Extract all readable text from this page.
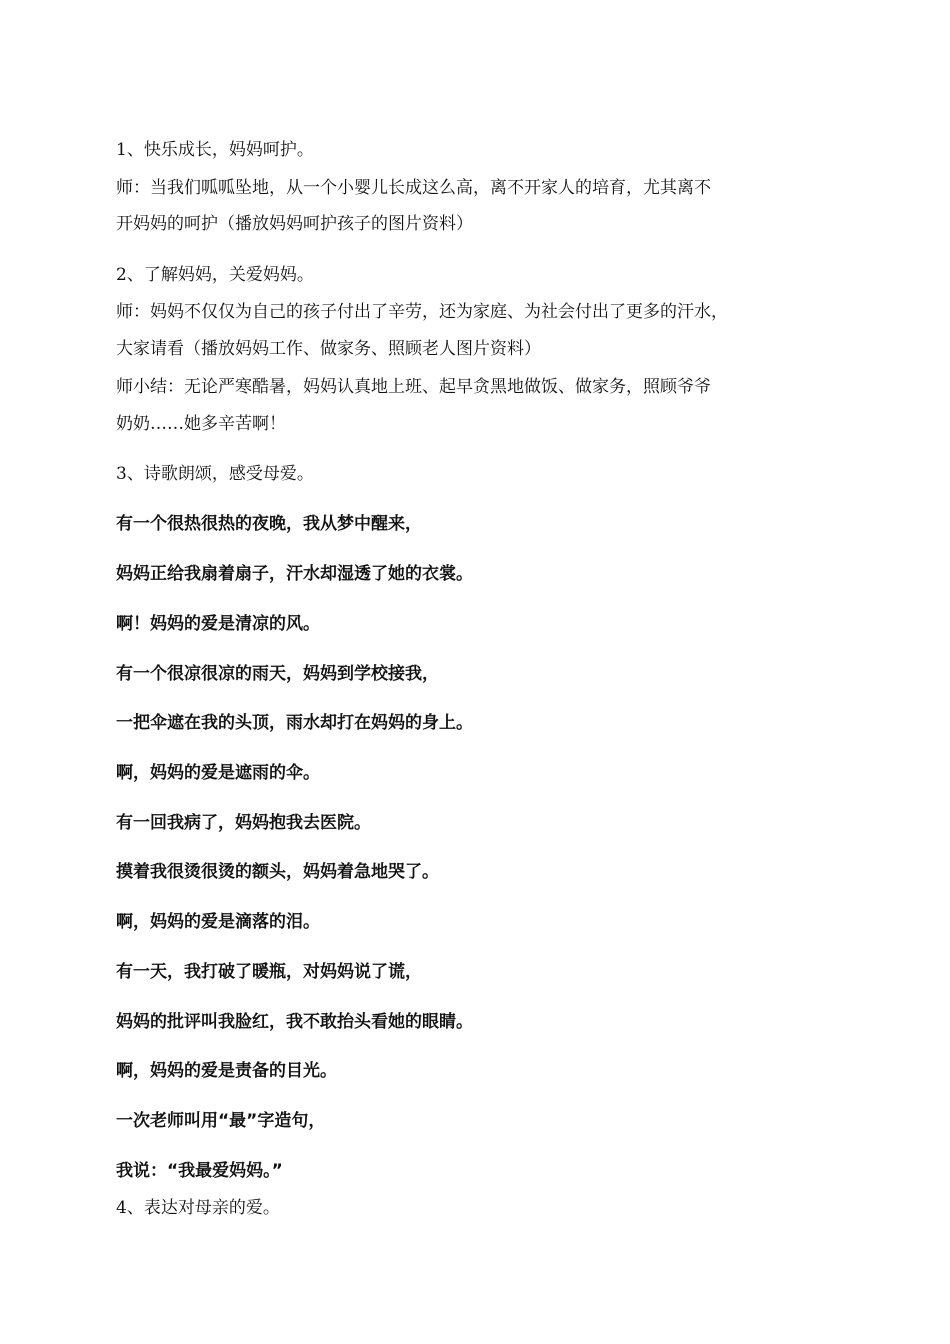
1、快乐成长，妈妈呵护。

师：当我们呱呱坠地，从一个小婴儿长成这么高，离不开家人的培育，尤其离不

开妈妈的呵护（播放妈妈呵护孩子的图片资料）

2、了解妈妈，关爱妈妈。

师：妈妈不仅仅为自己的孩子付出了辛劳，还为家庭、为社会付出了更多的汗水，

大家请看（播放妈妈工作、做家务、照顾老人图片资料）

师小结：无论严寒酷暑，妈妈认真地上班、起早贪黑地做饭、做家务，照顾爷爷

奶奶……她多辛苦啊！

3、诗歌朗颂，感受母爱。

有一个很热很热的夜晚，我从梦中醒来，

妈妈正给我扇着扇子，汗水却湿透了她的衣裳。

啊！妈妈的爱是清凉的风。

有一个很凉很凉的雨天，妈妈到学校接我，

一把伞遮在我的头顶，雨水却打在妈妈的身上。

啊，妈妈的爱是遮雨的伞。

有一回我病了，妈妈抱我去医院。

摸着我很烫很烫的额头，妈妈着急地哭了。

啊，妈妈的爱是滴落的泪。

有一天，我打破了暖瓶，对妈妈说了谎，

妈妈的批评叫我脸红，我不敢抬头看她的眼睛。

啊，妈妈的爱是责备的目光。

一次老师叫用“最”字造句，

我说：“我最爱妈妈。”

4、表达对母亲的爱。
